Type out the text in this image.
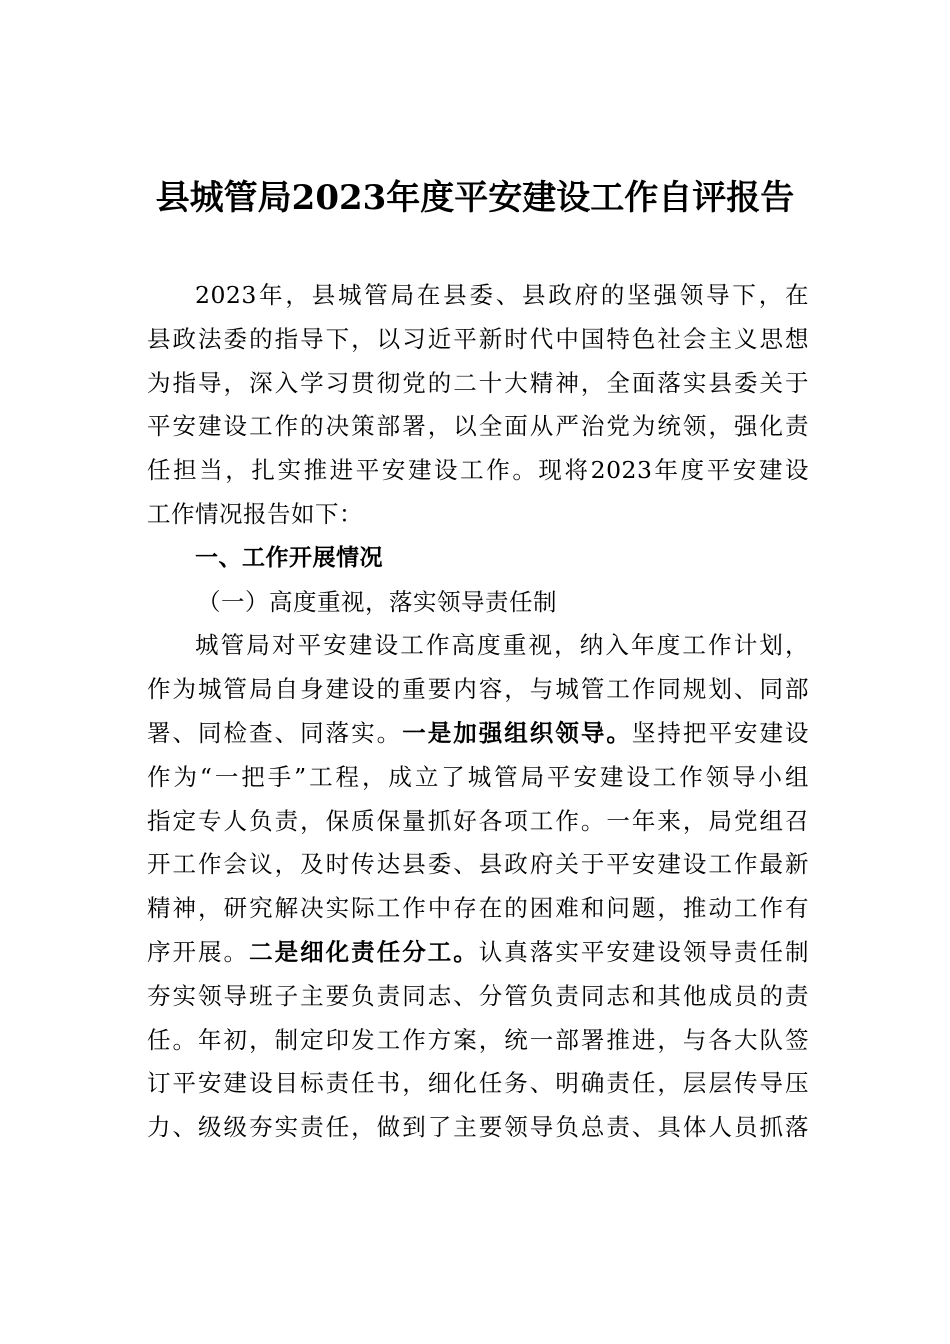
县城管局2023年度平安建设工作自评报告
2023年，县城管局在县委、县政府的坚强领导下，在
县政法委的指导下，以习近平新时代中国特色社会主义思想
为指导，深入学习贯彻党的二十大精神，全面落实县委关于
平安建设工作的决策部署，以全面从严治党为统领，强化责
任担当，扎实推进平安建设工作。现将2023年度平安建设
工作情况报告如下：
一、工作开展情况
（一）高度重视，落实领导责任制
城管局对平安建设工作高度重视，纳入年度工作计划，
作为城管局自身建设的重要内容，与城管工作同规划、同部
署、同检查、同落实。一是加强组织领导。坚持把平安建设
作为“一把手”工程，成立了城管局平安建设工作领导小组
指定专人负责，保质保量抓好各项工作。一年来，局党组召
开工作会议，及时传达县委、县政府关于平安建设工作最新
精神，研究解决实际工作中存在的困难和问题，推动工作有
序开展。二是细化责任分工。认真落实平安建设领导责任制
夯实领导班子主要负责同志、分管负责同志和其他成员的责
任。年初，制定印发工作方案，统一部署推进，与各大队签
订平安建设目标责任书，细化任务、明确责任，层层传导压
力、级级夯实责任，做到了主要领导负总责、具体人员抓落
